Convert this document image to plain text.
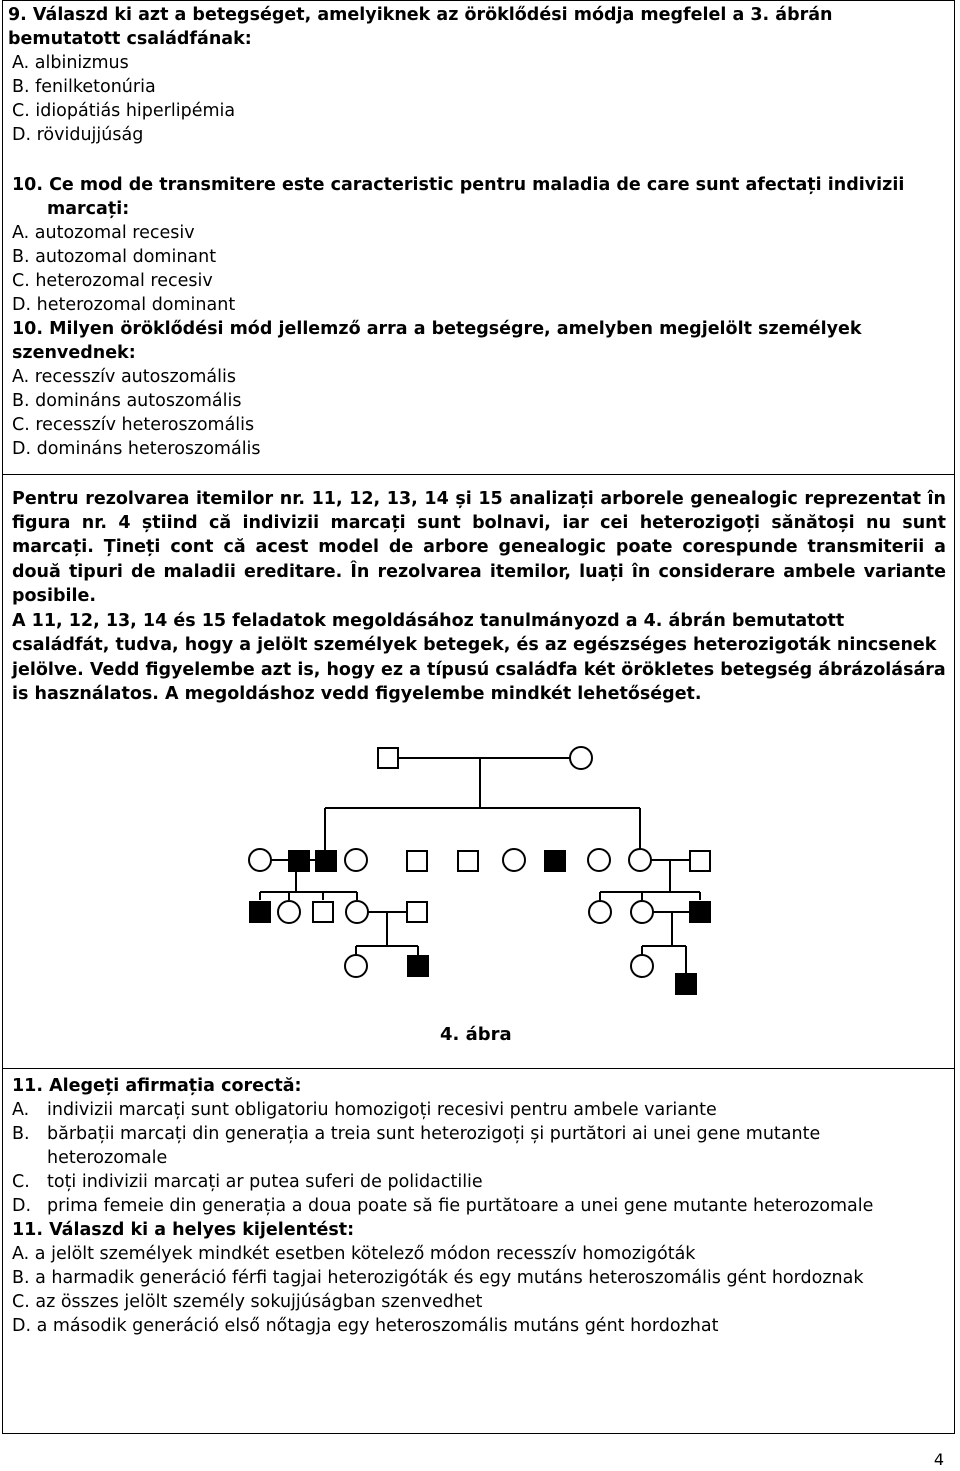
9. Válaszd ki azt a betegséget, amelyiknek az öröklődési módja megfelel a 3. ábrán
bemutatott családfának:
A. albinizmus
B. fenilketonúria
C. idiopátiás hiperlipémia
D. rövidujjúság
10. Ce mod de transmitere este caracteristic pentru maladia de care sunt afectați indivizii
marcați:
A. autozomal recesiv
B. autozomal dominant
C. heterozomal recesiv
D. heterozomal dominant
10. Milyen öröklődési mód jellemző arra a betegségre, amelyben megjelölt személyek
szenvednek:
A. recesszív autoszomális
B. domináns autoszomális
C. recesszív heteroszomális
D. domináns heteroszomális
Pentru rezolvarea itemilor nr. 11, 12, 13, 14 și 15 analizați arborele genealogic reprezentat în figura nr. 4 știind că indivizii marcați sunt bolnavi, iar cei heterozigoți sănătoși nu sunt marcați. Țineți cont că acest model de arbore genealogic poate corespunde transmiterii a două tipuri de maladii ereditare. În rezolvarea itemilor, luați în considerare ambele variante posibile.
A 11, 12, 13, 14 és 15 feladatok megoldásához tanulmányozd a 4. ábrán bemutatott családfát, tudva, hogy a jelölt személyek betegek, és az egészséges heterozigoták nincsenek jelölve. Vedd figyelembe azt is, hogy ez a típusú családfa két örökletes betegség ábrázolására is használatos. A megoldáshoz vedd figyelembe mindkét lehetőséget.
4. ábra
11. Alegeți afirmația corectă:
A. indivizii marcați sunt obligatoriu homozigoți recesivi pentru ambele variante
B. bărbații marcați din generația a treia sunt heterozigoți și purtători ai unei gene mutante
heterozomale
C. toți indivizii marcați ar putea suferi de polidactilie
D. prima femeie din generația a doua poate să fie purtătoare a unei gene mutante heterozomale
11. Válaszd ki a helyes kijelentést:
A. a jelölt személyek mindkét esetben kötelező módon recesszív homozigóták
B. a harmadik generáció férfi tagjai heterozigóták és egy mutáns heteroszomális gént hordoznak
C. az összes jelölt személy sokujjúságban szenvedhet
D. a második generáció első nőtagja egy heteroszomális mutáns gént hordozhat
4
